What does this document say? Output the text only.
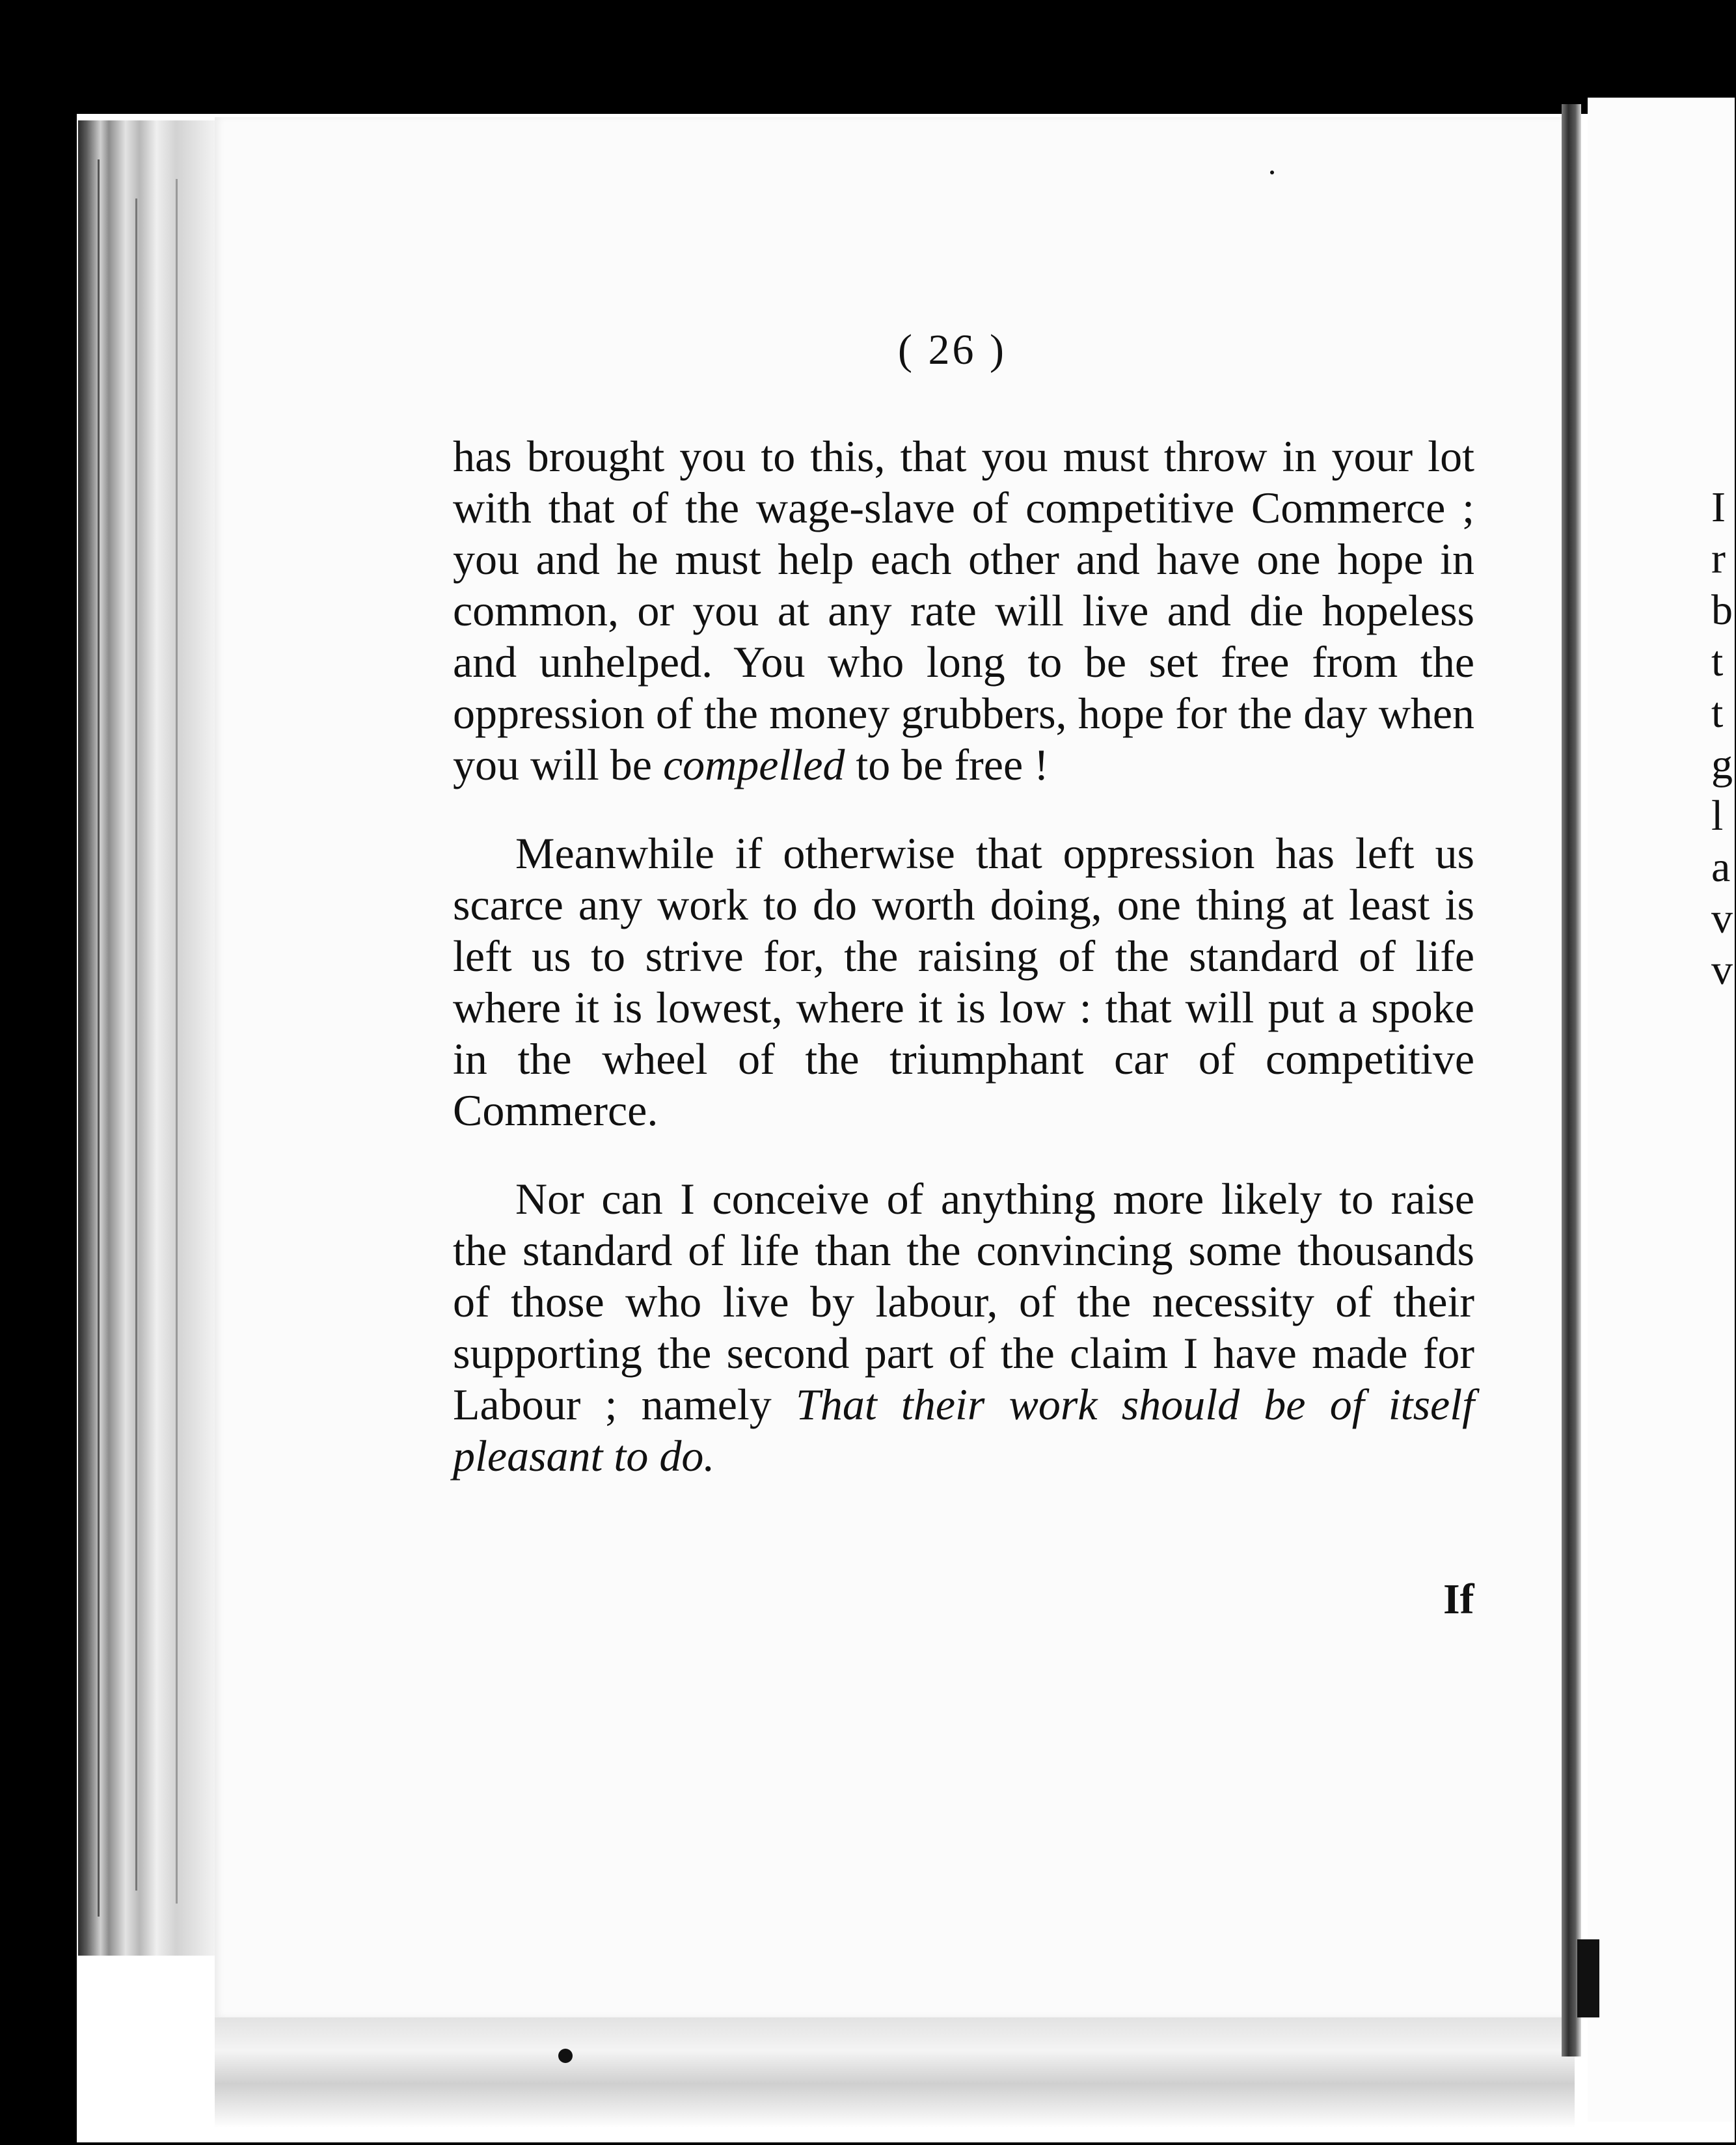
( 26 )

has brought you to this, that you must throw in your lot with that of the wage-slave of competitive Commerce ; you and he must help each other and have one hope in common, or you at any rate will live and die hopeless and unhelped. You who long to be set free from the oppression of the money grubbers, hope for the day when you will be compelled to be free !

Meanwhile if otherwise that oppression has left us scarce any work to do worth doing, one thing at least is left us to strive for, the raising of the standard of life where it is lowest, where it is low : that will put a spoke in the wheel of the triumphant car of competitive Commerce.

Nor can I conceive of anything more likely to raise the standard of life than the convincing some thousands of those who live by labour, of the necessity of their supporting the second part of the claim I have made for Labour ; namely That their work should be of itself pleasant to do.

If
I
r
b
t
t
g
l
a
v
v
